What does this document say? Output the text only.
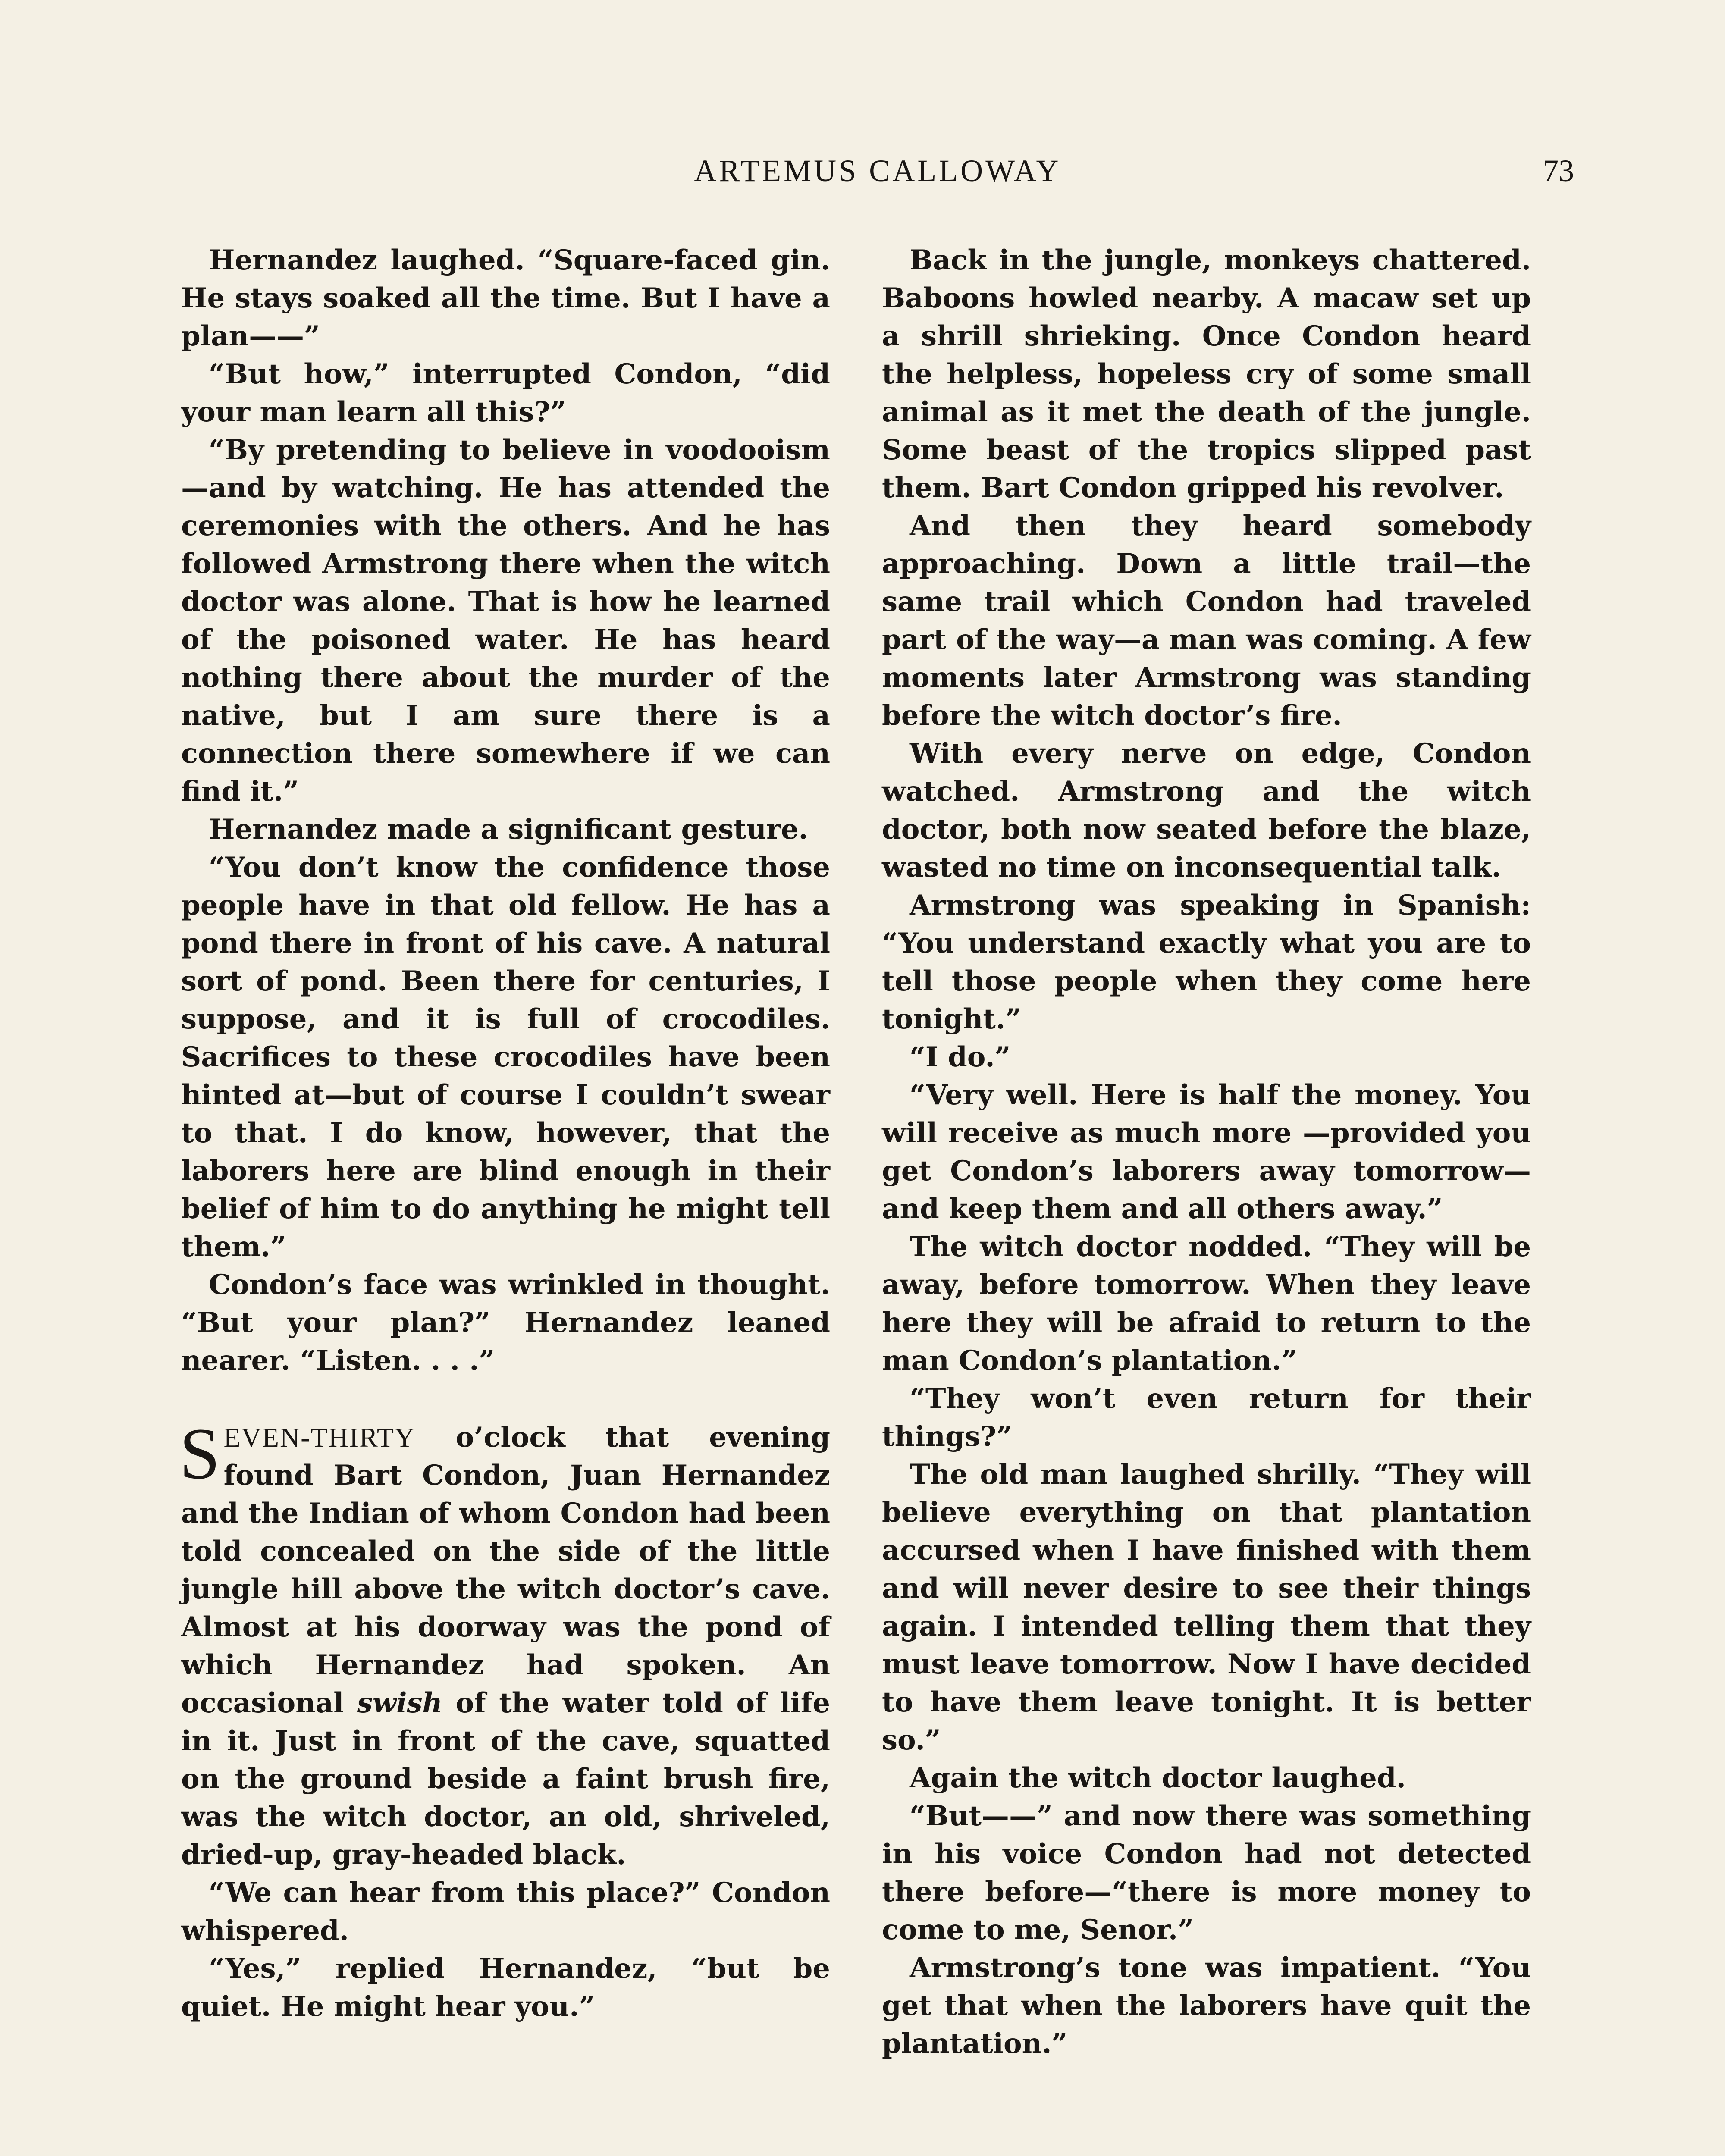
ARTEMUS CALLOWAY	73

Hernandez laughed. “Square-faced gin. He stays soaked all the time. But I have a plan——”

“But how,” interrupted Condon, “did your man learn all this?”

“By pretending to believe in voodooism—and by watching. He has attended the ceremonies with the others. And he has followed Armstrong there when the witch doctor was alone. That is how he learned of the poisoned water. He has heard nothing there about the murder of the native, but I am sure there is a connection there somewhere if we can find it.”

Hernandez made a significant gesture.

“You don’t know the confidence those people have in that old fellow. He has a pond there in front of his cave. A natural sort of pond. Been there for centuries, I suppose, and it is full of crocodiles. Sacrifices to these crocodiles have been hinted at—but of course I couldn’t swear to that. I do know, however, that the laborers here are blind enough in their belief of him to do anything he might tell them.”

Condon’s face was wrinkled in thought. “But your plan?” Hernandez leaned nearer. “Listen. . . .”

SEVEN-THIRTY o’clock that evening found Bart Condon, Juan Hernandez and the Indian of whom Condon had been told concealed on the side of the little jungle hill above the witch doctor’s cave. Almost at his doorway was the pond of which Hernandez had spoken. An occasional swish of the water told of life in it. Just in front of the cave, squatted on the ground beside a faint brush fire, was the witch doctor, an old, shriveled, dried-up, gray-headed black.

“We can hear from this place?” Condon whispered.

“Yes,” replied Hernandez, “but be quiet. He might hear you.”

Back in the jungle, monkeys chattered. Baboons howled nearby. A macaw set up a shrill shrieking. Once Condon heard the helpless, hopeless cry of some small animal as it met the death of the jungle. Some beast of the tropics slipped past them. Bart Condon gripped his revolver.

And then they heard somebody approaching. Down a little trail—the same trail which Condon had traveled part of the way—a man was coming. A few moments later Armstrong was standing before the witch doctor’s fire.

With every nerve on edge, Condon watched. Armstrong and the witch doctor, both now seated before the blaze, wasted no time on inconsequential talk.

Armstrong was speaking in Spanish: “You understand exactly what you are to tell those people when they come here tonight.”

“I do.”

“Very well. Here is half the money. You will receive as much more —provided you get Condon’s laborers away tomorrow—and keep them and all others away.”

The witch doctor nodded. “They will be away, before tomorrow. When they leave here they will be afraid to return to the man Condon’s plantation.”

“They won’t even return for their things?”

The old man laughed shrilly. “They will believe everything on that plantation accursed when I have finished with them and will never desire to see their things again. I intended telling them that they must leave tomorrow. Now I have decided to have them leave tonight. It is better so.”

Again the witch doctor laughed.

“But——” and now there was something in his voice Condon had not detected there before—“there is more money to come to me, Senor.”

Armstrong’s tone was impatient. “You get that when the laborers have quit the plantation.”
